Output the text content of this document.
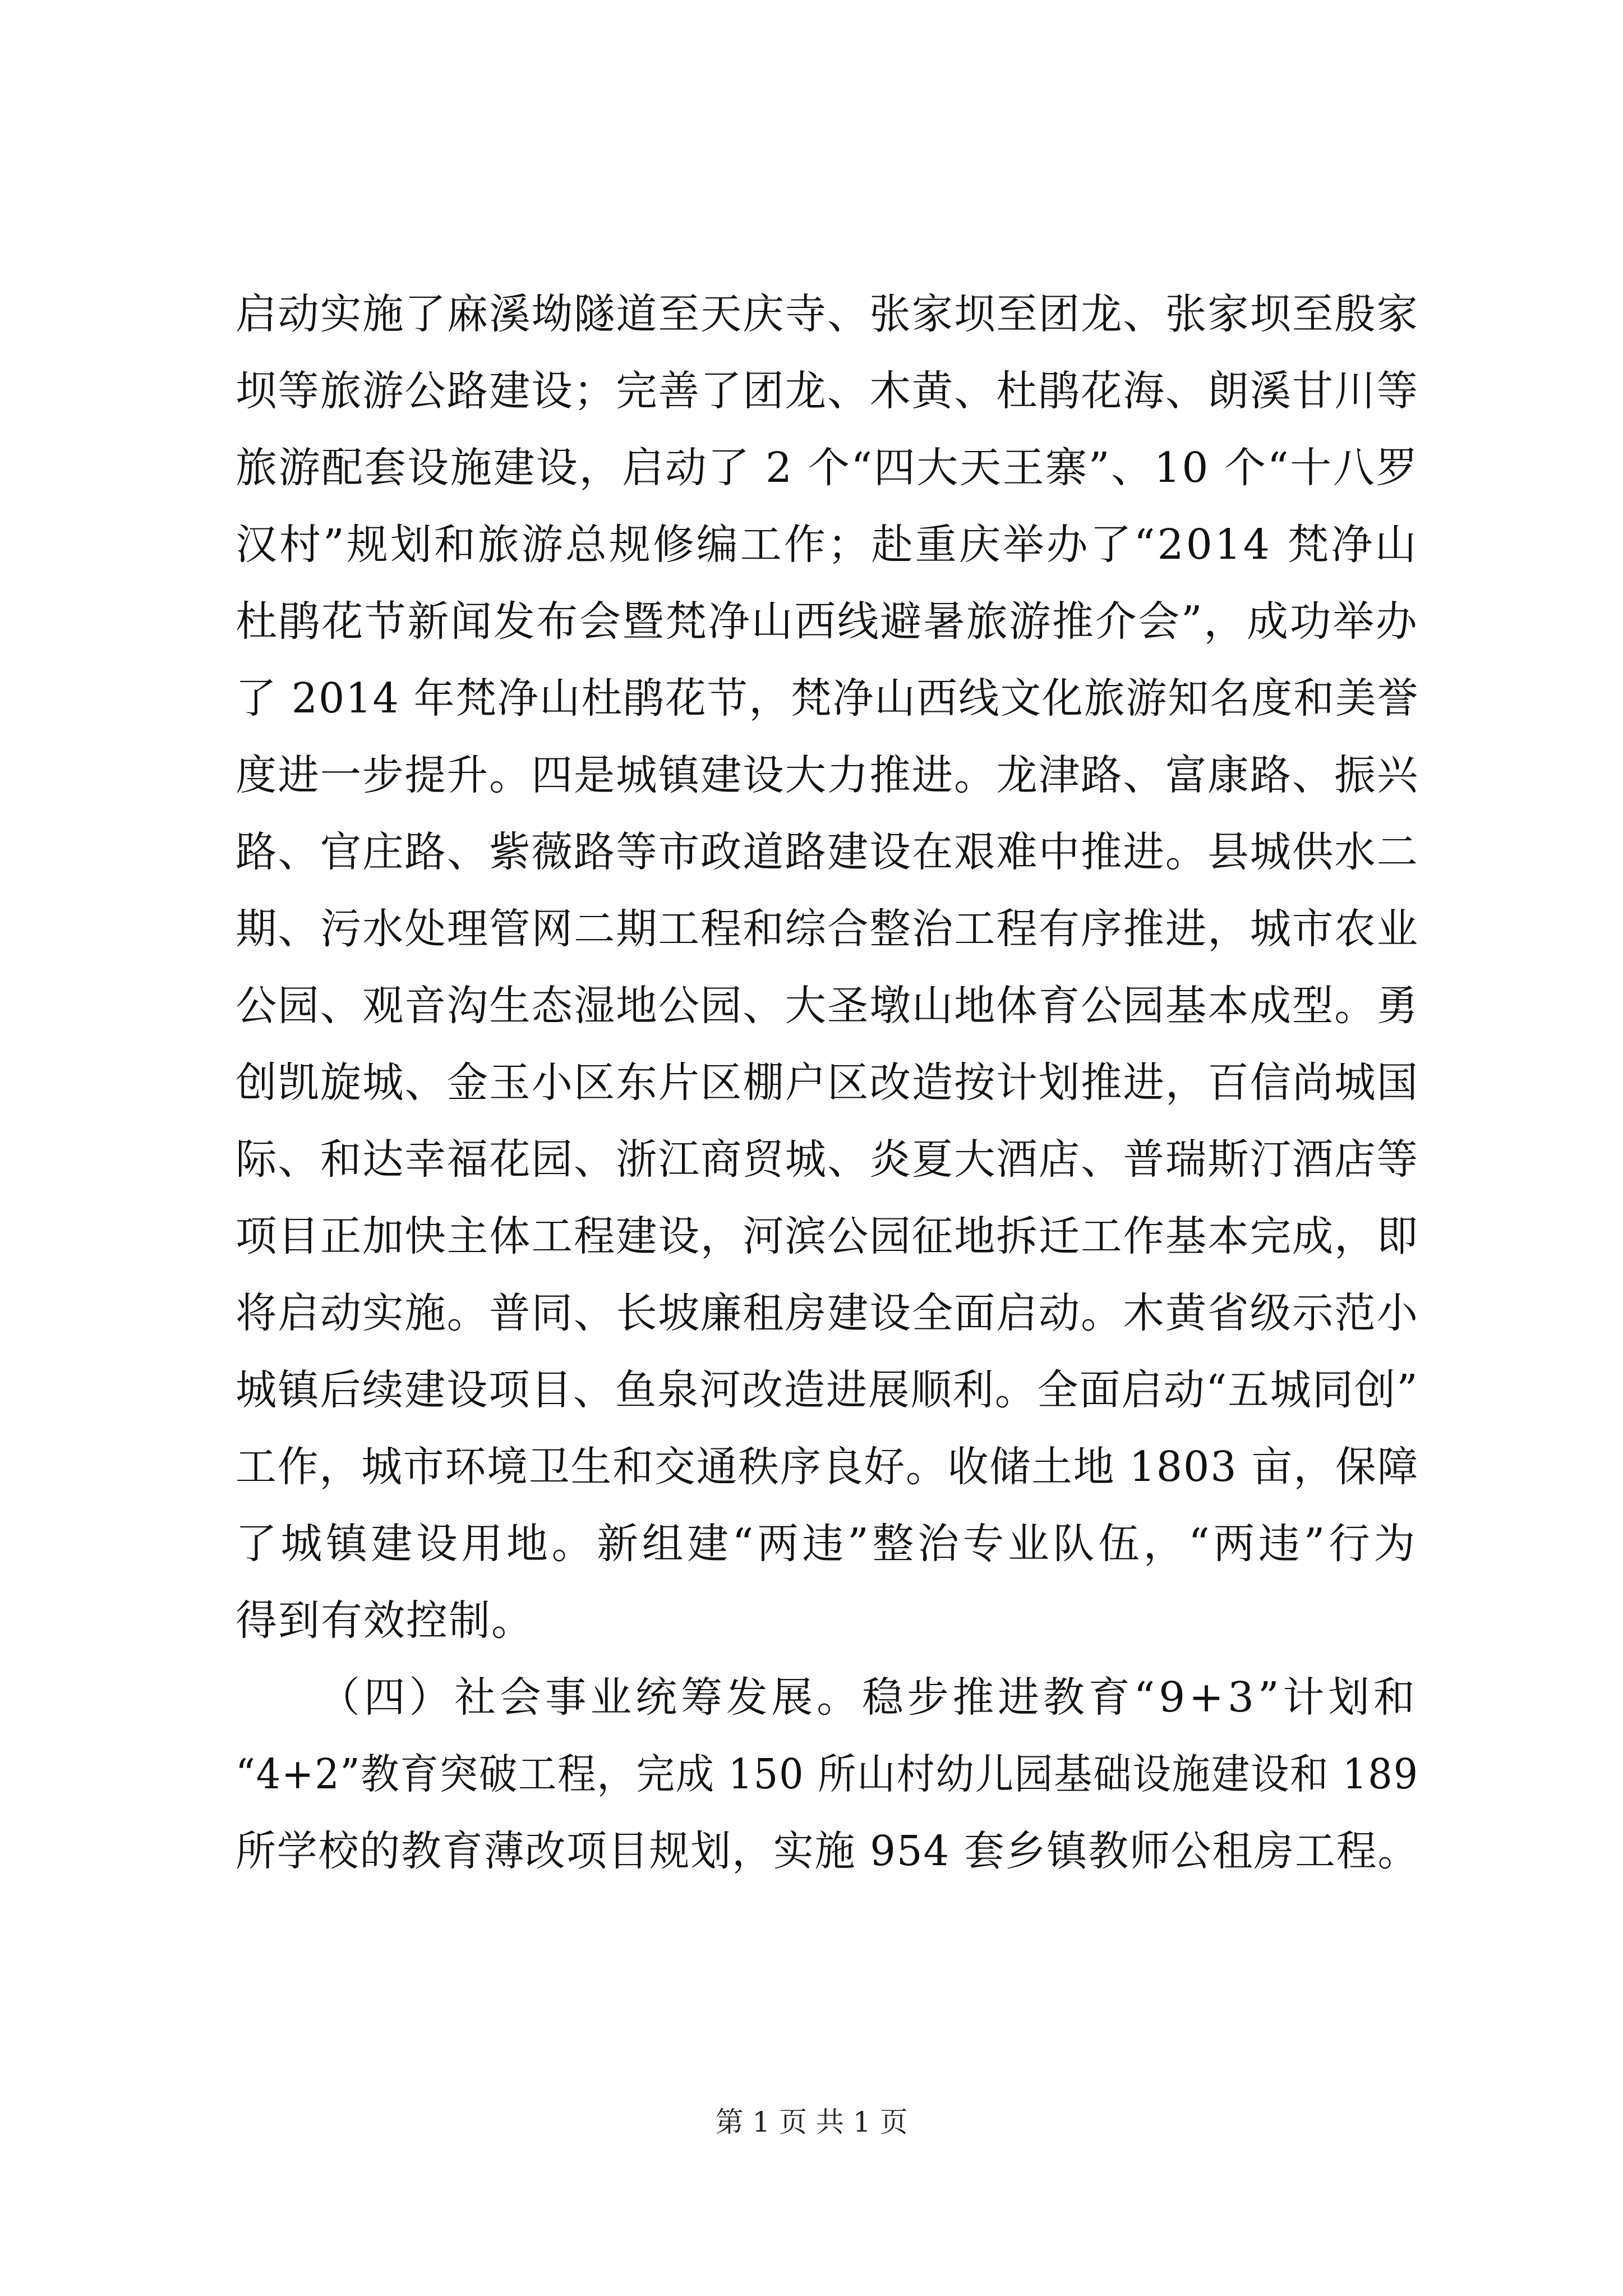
启动实施了麻溪坳隧道至天庆寺、张家坝至团龙、张家坝至殷家
坝等旅游公路建设；完善了团龙、木黄、杜鹃花海、朗溪甘川等
旅游配套设施建设，启动了 2 个“四大天王寨”、10 个“十八罗
汉村”规划和旅游总规修编工作；赴重庆举办了“2014 梵净山
杜鹃花节新闻发布会暨梵净山西线避暑旅游推介会”，成功举办
了 2014 年梵净山杜鹃花节，梵净山西线文化旅游知名度和美誉
度进一步提升。四是城镇建设大力推进。龙津路、富康路、振兴
路、官庄路、紫薇路等市政道路建设在艰难中推进。县城供水二
期、污水处理管网二期工程和综合整治工程有序推进，城市农业
公园、观音沟生态湿地公园、大圣墩山地体育公园基本成型。勇
创凯旋城、金玉小区东片区棚户区改造按计划推进，百信尚城国
际、和达幸福花园、浙江商贸城、炎夏大酒店、普瑞斯汀酒店等
项目正加快主体工程建设，河滨公园征地拆迁工作基本完成，即
将启动实施。普同、长坡廉租房建设全面启动。木黄省级示范小
城镇后续建设项目、鱼泉河改造进展顺利。全面启动“五城同创”
工作，城市环境卫生和交通秩序良好。收储土地 1803 亩，保障
了城镇建设用地。新组建“两违”整治专业队伍，“两违”行为
得到有效控制。
（四）社会事业统筹发展。稳步推进教育“9+3”计划和
“4+2”教育突破工程，完成 150 所山村幼儿园基础设施建设和 189
所学校的教育薄改项目规划，实施 954 套乡镇教师公租房工程。
第 1 页 共 1 页
